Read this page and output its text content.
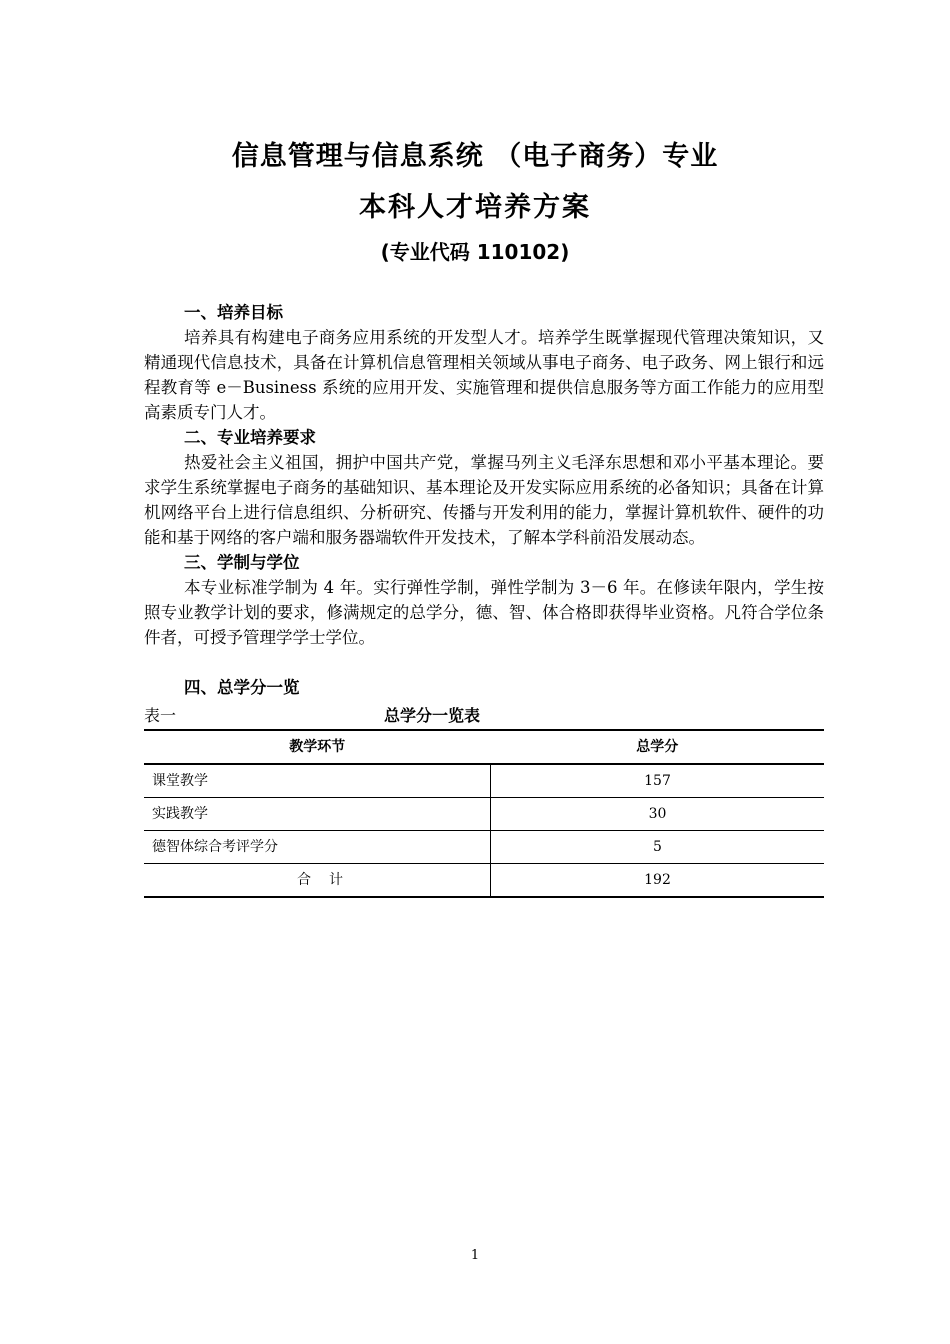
信息管理与信息系统 （电子商务）专业
本科人才培养方案
(专业代码 110102)

一、培养目标

培养具有构建电子商务应用系统的开发型人才。培养学生既掌握现代管理决策知识，又精通现代信息技术，具备在计算机信息管理相关领域从事电子商务、电子政务、网上银行和远程教育等 e－Business 系统的应用开发、实施管理和提供信息服务等方面工作能力的应用型高素质专门人才。

二、专业培养要求

热爱社会主义祖国，拥护中国共产党，掌握马列主义毛泽东思想和邓小平基本理论。要求学生系统掌握电子商务的基础知识、基本理论及开发实际应用系统的必备知识；具备在计算机网络平台上进行信息组织、分析研究、传播与开发利用的能力，掌握计算机软件、硬件的功能和基于网络的客户端和服务器端软件开发技术，了解本学科前沿发展动态。

三、学制与学位

本专业标准学制为 4 年。实行弹性学制，弹性学制为 3－6 年。在修读年限内，学生按照专业教学计划的要求，修满规定的总学分，德、智、体合格即获得毕业资格。凡符合学位条件者，可授予管理学学士学位。

四、总学分一览

表一	总学分一览表
教学环节	总学分
课堂教学	157
实践教学	30
德智体综合考评学分	5
合　计	192
1
